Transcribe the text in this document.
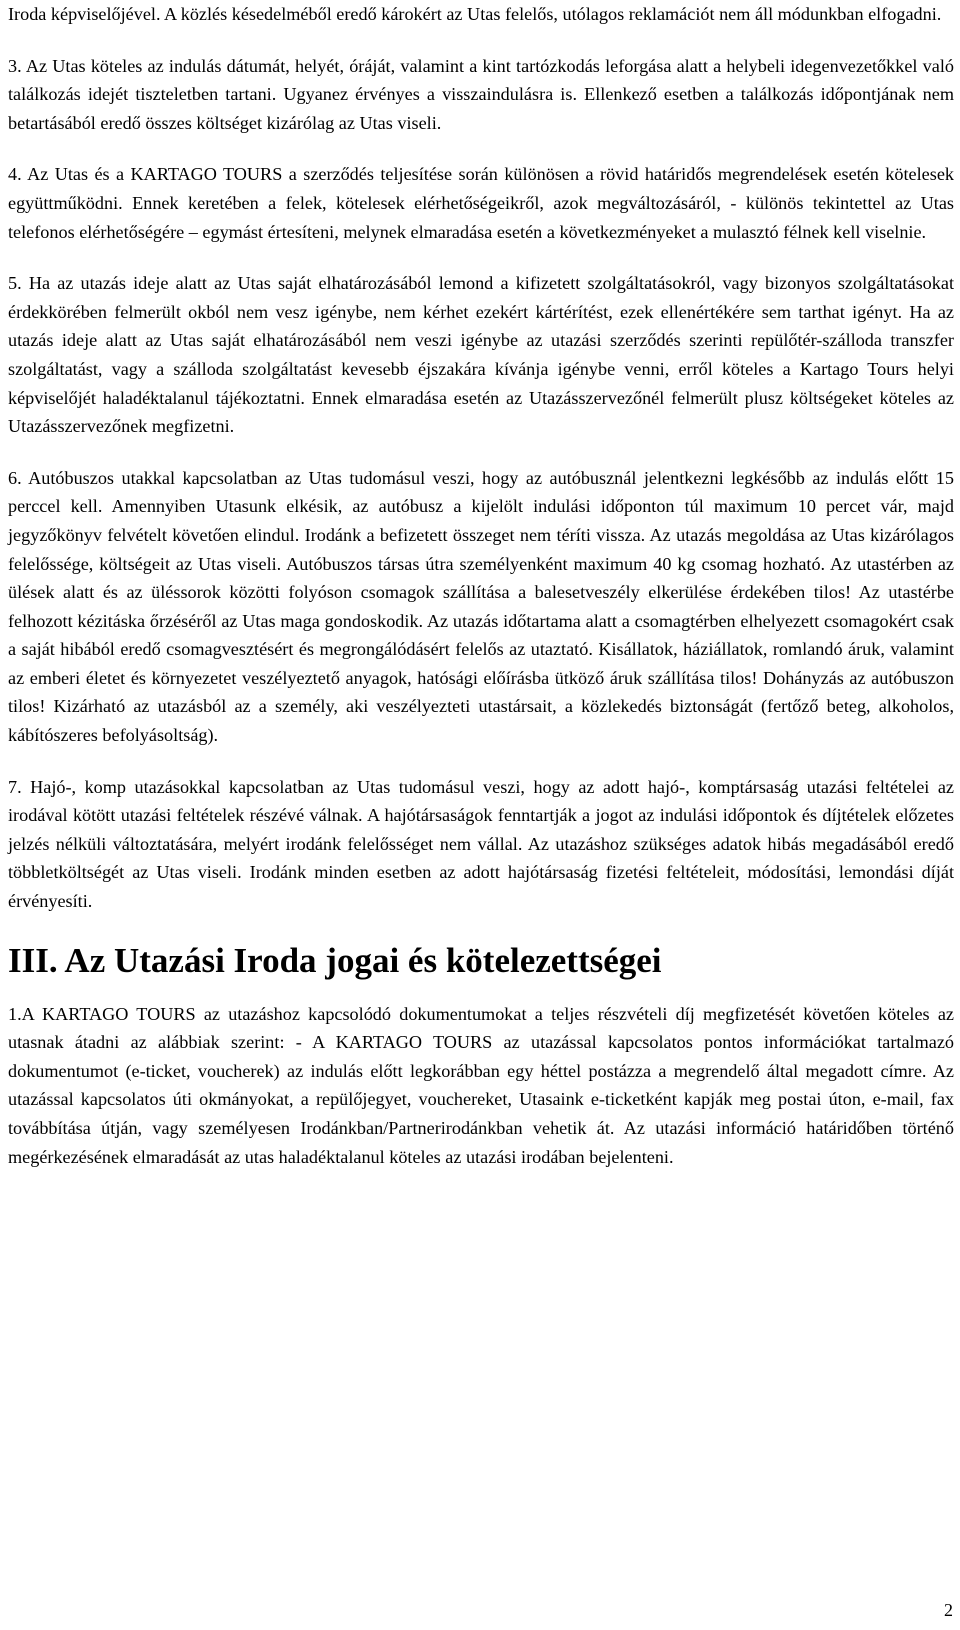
Iroda képviselőjével. A közlés késedelméből eredő károkért az Utas felelős, utólagos reklamációt nem áll módunkban elfogadni.

3. Az Utas köteles az indulás dátumát, helyét, óráját, valamint a kint tartózkodás leforgása alatt a helybeli idegenvezetőkkel való találkozás idejét tiszteletben tartani. Ugyanez érvényes a visszaindulásra is. Ellenkező esetben a találkozás időpontjának nem betartásából eredő összes költséget kizárólag az Utas viseli.

4. Az Utas és a KARTAGO TOURS a szerződés teljesítése során különösen a rövid határidős megrendelések esetén kötelesek együttműködni. Ennek keretében a felek, kötelesek elérhetőségeikről, azok megváltozásáról, - különös tekintettel az Utas telefonos elérhetőségére – egymást értesíteni, melynek elmaradása esetén a következményeket a mulasztó félnek kell viselnie.

5. Ha az utazás ideje alatt az Utas saját elhatározásából lemond a kifizetett szolgáltatásokról, vagy bizonyos szolgáltatásokat érdekkörében felmerült okból nem vesz igénybe, nem kérhet ezekért kártérítést, ezek ellenértékére sem tarthat igényt. Ha az utazás ideje alatt az Utas saját elhatározásából nem veszi igénybe az utazási szerződés szerinti repülőtér-szálloda transzfer szolgáltatást, vagy a szálloda szolgáltatást kevesebb éjszakára kívánja igénybe venni, erről köteles a Kartago Tours helyi képviselőjét haladéktalanul tájékoztatni. Ennek elmaradása esetén az Utazásszervezőnél felmerült plusz költségeket köteles az Utazásszervezőnek megfizetni.

6. Autóbuszos utakkal kapcsolatban az Utas tudomásul veszi, hogy az autóbusznál jelentkezni legkésőbb az indulás előtt 15 perccel kell. Amennyiben Utasunk elkésik, az autóbusz a kijelölt indulási időponton túl maximum 10 percet vár, majd jegyzőkönyv felvételt követően elindul. Irodánk a befizetett összeget nem téríti vissza. Az utazás megoldása az Utas kizárólagos felelőssége, költségeit az Utas viseli. Autóbuszos társas útra személyenként maximum 40 kg csomag hozható. Az utastérben az ülések alatt és az üléssorok közötti folyóson csomagok szállítása a balesetveszély elkerülése érdekében tilos! Az utastérbe felhozott kézitáska őrzéséről az Utas maga gondoskodik. Az utazás időtartama alatt a csomagtérben elhelyezett csomagokért csak a saját hibából eredő csomagvesztésért és megrongálódásért felelős az utaztató. Kisállatok, háziállatok, romlandó áruk, valamint az emberi életet és környezetet veszélyeztető anyagok, hatósági előírásba ütköző áruk szállítása tilos! Dohányzás az autóbuszon tilos! Kizárható az utazásból az a személy, aki veszélyezteti utastársait, a közlekedés biztonságát (fertőző beteg, alkoholos, kábítószeres befolyásoltság).

7. Hajó-, komp utazásokkal kapcsolatban az Utas tudomásul veszi, hogy az adott hajó-, komptársaság utazási feltételei az irodával kötött utazási feltételek részévé válnak. A hajótársaságok fenntartják a jogot az indulási időpontok és díjtételek előzetes jelzés nélküli változtatására, melyért irodánk felelősséget nem vállal. Az utazáshoz szükséges adatok hibás megadásából eredő többletköltségét az Utas viseli. Irodánk minden esetben az adott hajótársaság fizetési feltételeit, módosítási, lemondási díját érvényesíti.

III. Az Utazási Iroda jogai és kötelezettségei

1.A KARTAGO TOURS az utazáshoz kapcsolódó dokumentumokat a teljes részvételi díj megfizetését követően köteles az utasnak átadni az alábbiak szerint: - A KARTAGO TOURS az utazással kapcsolatos pontos információkat tartalmazó dokumentumot (e-ticket, voucherek) az indulás előtt legkorábban egy héttel postázza a megrendelő által megadott címre. Az utazással kapcsolatos úti okmányokat, a repülőjegyet, vouchereket, Utasaink e-ticketként kapják meg postai úton, e-mail, fax továbbítása útján, vagy személyesen Irodánkban/Partnerirodánkban vehetik át. Az utazási információ határidőben történő megérkezésének elmaradását az utas haladéktalanul köteles az utazási irodában bejelenteni.

2
